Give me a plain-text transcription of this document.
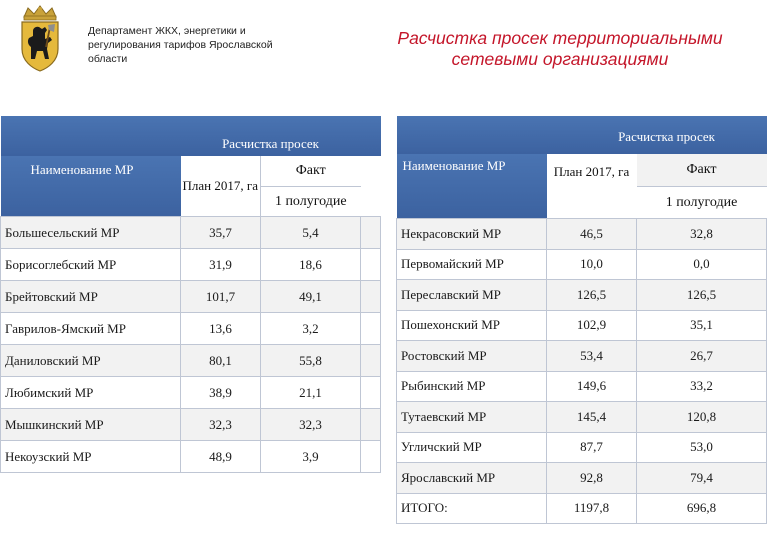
Департамент ЖКХ, энергетики и регулирования тарифов Ярославской области
Расчистка просек территориальными сетевыми организациями
	Расчистка просек		
Наименование МР	План 2017, га	Факт
1 полугодие	

Большесельский МР	35,7	5,4	
Борисоглебский МР	31,9	18,6	
Брейтовский МР	101,7	49,1	
Гаврилов-Ямский МР	13,6	3,2	
Даниловский МР	80,1	55,8	
Любимский МР	38,9	21,1	
Мышкинский МР	32,3	32,3	
Некоузский МР	48,9	3,9	
	Расчистка просек	
Наименование МР	План 2017, га	Факт
1 полугодие

Некрасовский МР	46,5	32,8
Первомайский МР	10,0	0,0
Переславский МР	126,5	126,5
Пошехонский МР	102,9	35,1
Ростовский МР	53,4	26,7
Рыбинский МР	149,6	33,2
Тутаевский МР	145,4	120,8
Угличский МР	87,7	53,0
Ярославский МР	92,8	79,4
ИТОГО:	1197,8	696,8
